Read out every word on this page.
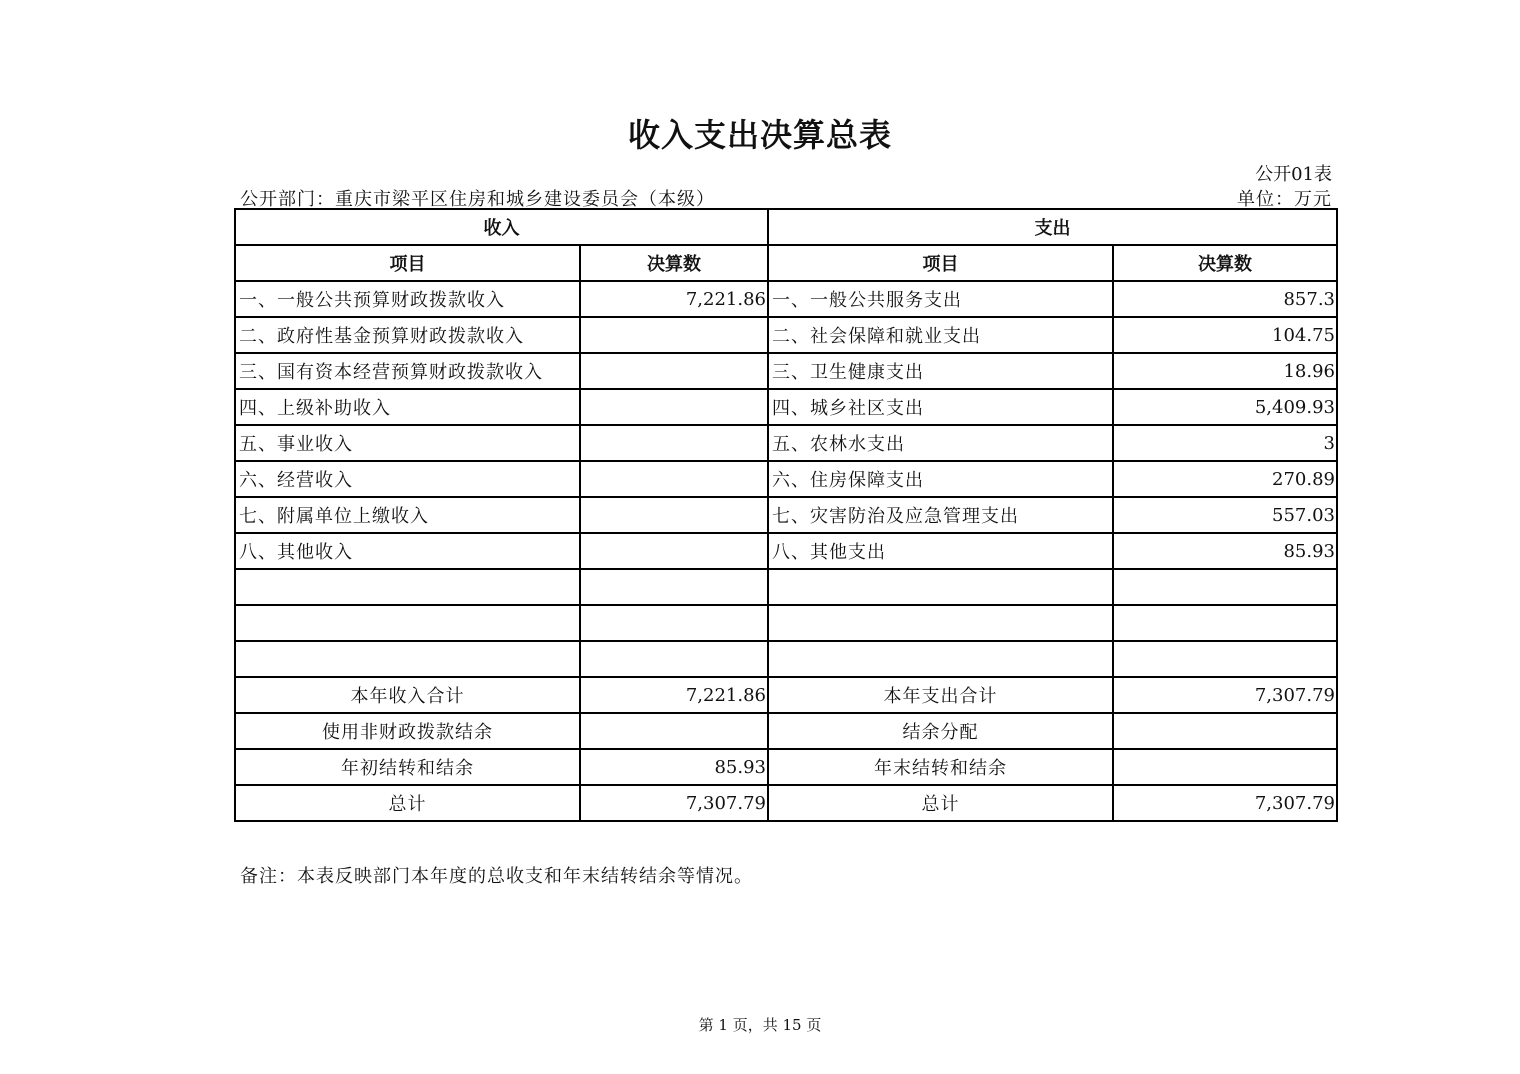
收入支出决算总表
公开01表
公开部门：重庆市梁平区住房和城乡建设委员会（本级）	单位：万元
收入		支出	
项目	决算数	项目	决算数
一、一般公共预算财政拨款收入	7,221.86	一、一般公共服务支出	857.3
二、政府性基金预算财政拨款收入		二、社会保障和就业支出	104.75
三、国有资本经营预算财政拨款收入		三、卫生健康支出	18.96
四、上级补助收入		四、城乡社区支出	5,409.93
五、事业收入		五、农林水支出	3
六、经营收入		六、住房保障支出	270.89
七、附属单位上缴收入		七、灾害防治及应急管理支出	557.03
八、其他收入		八、其他支出	85.93

本年收入合计	7,221.86	本年支出合计	7,307.79
使用非财政拨款结余		结余分配	
年初结转和结余	85.93	年末结转和结余	
总计	7,307.79	总计	7,307.79
备注：本表反映部门本年度的总收支和年末结转结余等情况。
第 1 页，共 15 页
